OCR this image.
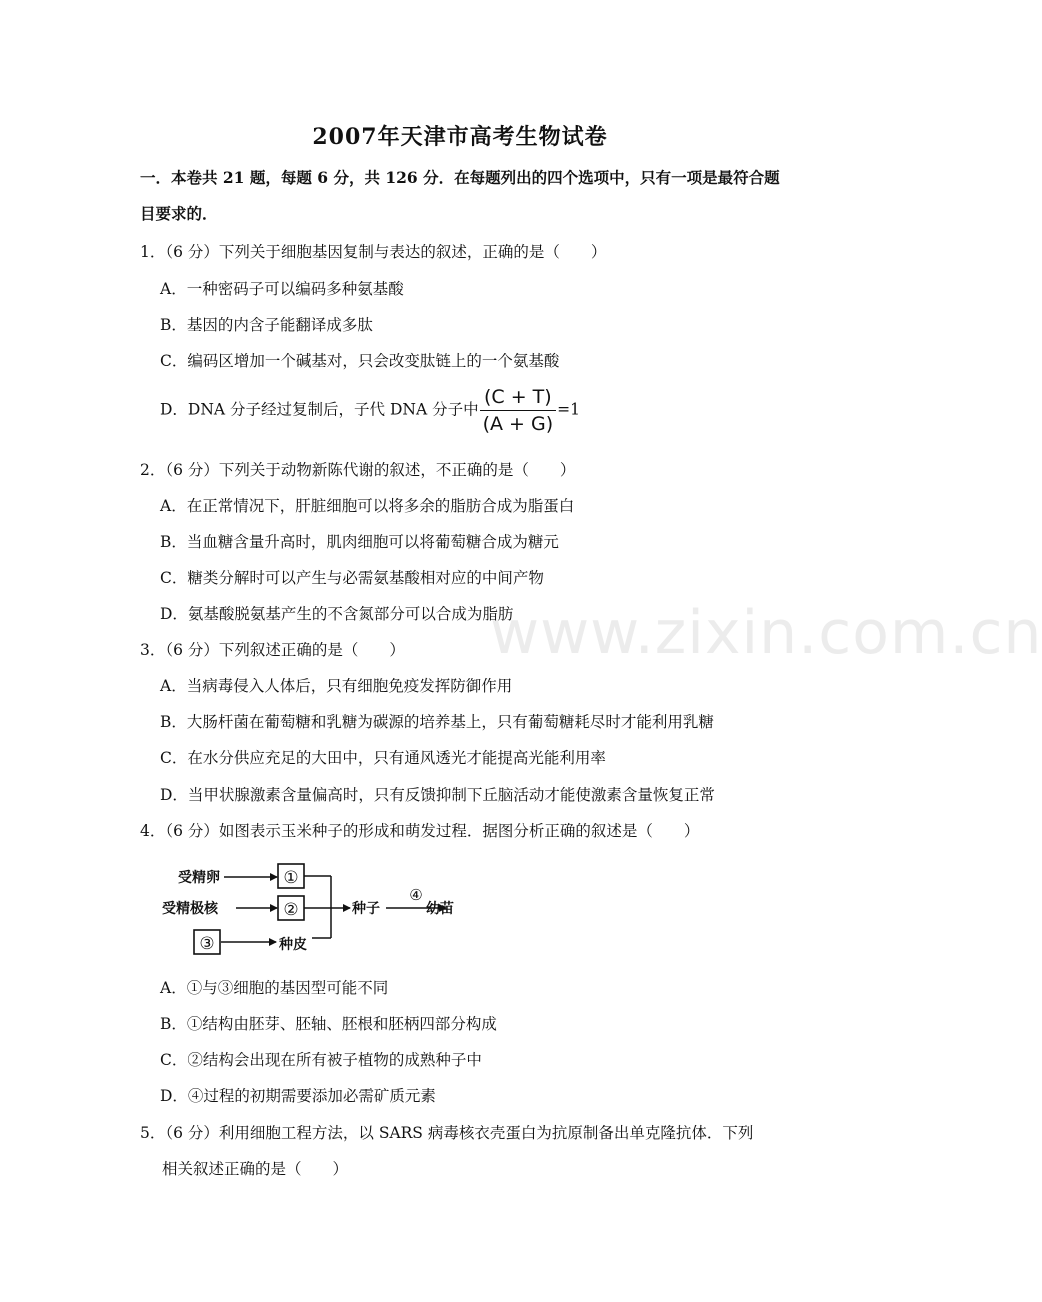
www.zixin.com.cn
2007年天津市高考生物试卷
一．本卷共 21 题，每题 6 分，共 126 分．在每题列出的四个选项中，只有一项是最符合题目要求的．
1．（6 分）下列关于细胞基因复制与表达的叙述，正确的是（　　）
A．一种密码子可以编码多种氨基酸
B．基因的内含子能翻译成多肽
C．编码区增加一个碱基对，只会改变肽链上的一个氨基酸
D．DNA 分子经过复制后，子代 DNA 分子中 $\frac{(C + T)}{(A + G)} =1$
2．（6 分）下列关于动物新陈代谢的叙述，不正确的是（　　）
A．在正常情况下，肝脏细胞可以将多余的脂肪合成为脂蛋白
B．当血糖含量升高时，肌肉细胞可以将葡萄糖合成为糖元
C．糖类分解时可以产生与必需氨基酸相对应的中间产物
D．氨基酸脱氨基产生的不含氮部分可以合成为脂肪
3．（6 分）下列叙述正确的是（　　）
A．当病毒侵入人体后，只有细胞免疫发挥防御作用
B．大肠杆菌在葡萄糖和乳糖为碳源的培养基上，只有葡萄糖耗尽时才能利用乳糖
C．在水分供应充足的大田中，只有通风透光才能提高光能利用率
D．当甲状腺激素含量偏高时，只有反馈抑制下丘脑活动才能使激素含量恢复正常
4．（6 分）如图表示玉米种子的形成和萌发过程．据图分析正确的叙述是（　　）
受精卵
受精极核	种子	幼苗
种皮
①
②
③
④
A．①与③细胞的基因型可能不同
B．①结构由胚芽、胚轴、胚根和胚柄四部分构成
C．②结构会出现在所有被子植物的成熟种子中
D．④过程的初期需要添加必需矿质元素
5．（6 分）利用细胞工程方法，以 SARS 病毒核衣壳蛋白为抗原制备出单克隆抗体．下列
相关叙述正确的是（　　）
